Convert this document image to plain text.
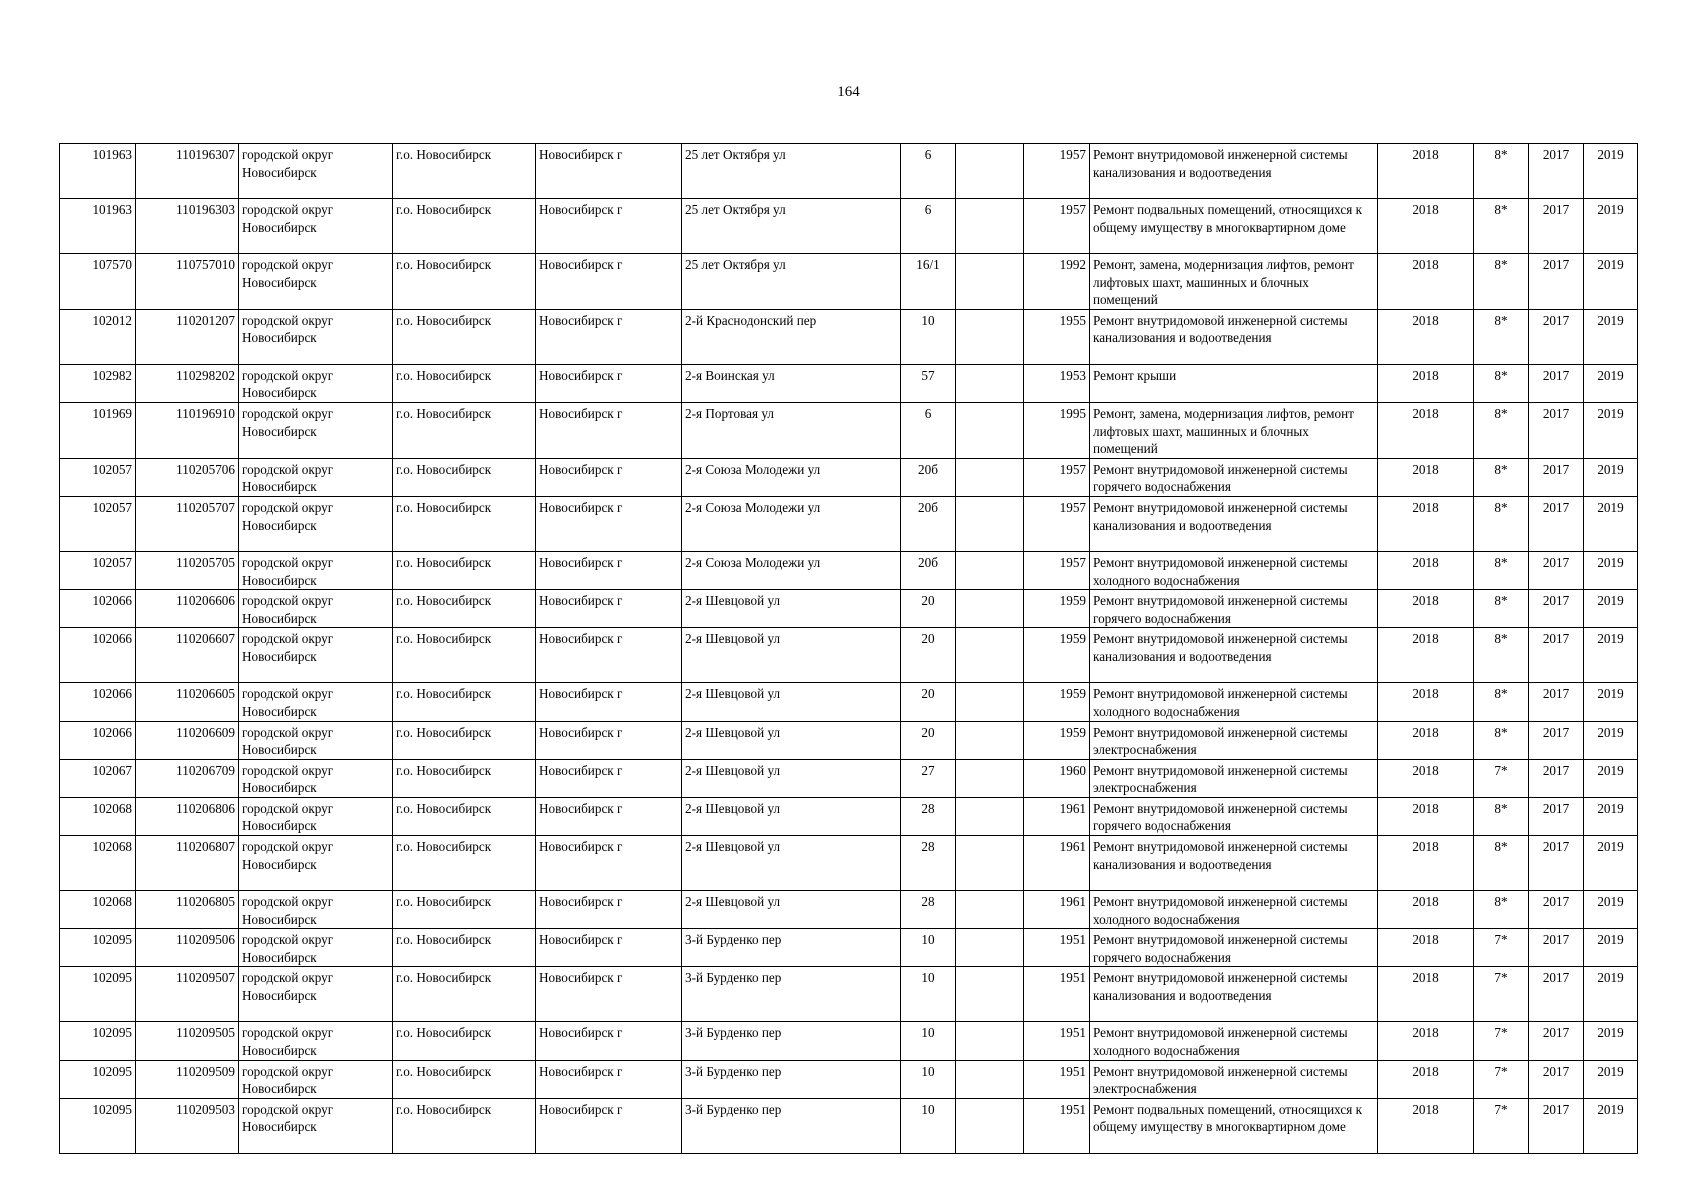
164
101963	110196307	городской округ Новосибирск	г.о. Новосибирск	Новосибирск г	25 лет Октября ул	6		1957	Ремонт внутридомовой инженерной системы канализования и водоотведения	2018	8*	2017	2019
101963	110196303	городской округ Новосибирск	г.о. Новосибирск	Новосибирск г	25 лет Октября ул	6		1957	Ремонт подвальных помещений, относящихся к общему имуществу в многоквартирном доме	2018	8*	2017	2019
107570	110757010	городской округ Новосибирск	г.о. Новосибирск	Новосибирск г	25 лет Октября ул	16/1		1992	Ремонт, замена, модернизация лифтов, ремонт лифтовых шахт, машинных и блочных помещений	2018	8*	2017	2019
102012	110201207	городской округ Новосибирск	г.о. Новосибирск	Новосибирск г	2-й Краснодонский пер	10		1955	Ремонт внутридомовой инженерной системы канализования и водоотведения	2018	8*	2017	2019
102982	110298202	городской округ Новосибирск	г.о. Новосибирск	Новосибирск г	2-я Воинская ул	57		1953	Ремонт крыши	2018	8*	2017	2019
101969	110196910	городской округ Новосибирск	г.о. Новосибирск	Новосибирск г	2-я Портовая ул	6		1995	Ремонт, замена, модернизация лифтов, ремонт лифтовых шахт, машинных и блочных помещений	2018	8*	2017	2019
102057	110205706	городской округ Новосибирск	г.о. Новосибирск	Новосибирск г	2-я Союза Молодежи ул	20б		1957	Ремонт внутридомовой инженерной системы горячего водоснабжения	2018	8*	2017	2019
102057	110205707	городской округ Новосибирск	г.о. Новосибирск	Новосибирск г	2-я Союза Молодежи ул	20б		1957	Ремонт внутридомовой инженерной системы канализования и водоотведения	2018	8*	2017	2019
102057	110205705	городской округ Новосибирск	г.о. Новосибирск	Новосибирск г	2-я Союза Молодежи ул	20б		1957	Ремонт внутридомовой инженерной системы холодного водоснабжения	2018	8*	2017	2019
102066	110206606	городской округ Новосибирск	г.о. Новосибирск	Новосибирск г	2-я Шевцовой ул	20		1959	Ремонт внутридомовой инженерной системы горячего водоснабжения	2018	8*	2017	2019
102066	110206607	городской округ Новосибирск	г.о. Новосибирск	Новосибирск г	2-я Шевцовой ул	20		1959	Ремонт внутридомовой инженерной системы канализования и водоотведения	2018	8*	2017	2019
102066	110206605	городской округ Новосибирск	г.о. Новосибирск	Новосибирск г	2-я Шевцовой ул	20		1959	Ремонт внутридомовой инженерной системы холодного водоснабжения	2018	8*	2017	2019
102066	110206609	городской округ Новосибирск	г.о. Новосибирск	Новосибирск г	2-я Шевцовой ул	20		1959	Ремонт внутридомовой инженерной системы электроснабжения	2018	8*	2017	2019
102067	110206709	городской округ Новосибирск	г.о. Новосибирск	Новосибирск г	2-я Шевцовой ул	27		1960	Ремонт внутридомовой инженерной системы электроснабжения	2018	7*	2017	2019
102068	110206806	городской округ Новосибирск	г.о. Новосибирск	Новосибирск г	2-я Шевцовой ул	28		1961	Ремонт внутридомовой инженерной системы горячего водоснабжения	2018	8*	2017	2019
102068	110206807	городской округ Новосибирск	г.о. Новосибирск	Новосибирск г	2-я Шевцовой ул	28		1961	Ремонт внутридомовой инженерной системы канализования и водоотведения	2018	8*	2017	2019
102068	110206805	городской округ Новосибирск	г.о. Новосибирск	Новосибирск г	2-я Шевцовой ул	28		1961	Ремонт внутридомовой инженерной системы холодного водоснабжения	2018	8*	2017	2019
102095	110209506	городской округ Новосибирск	г.о. Новосибирск	Новосибирск г	3-й Бурденко пер	10		1951	Ремонт внутридомовой инженерной системы горячего водоснабжения	2018	7*	2017	2019
102095	110209507	городской округ Новосибирск	г.о. Новосибирск	Новосибирск г	3-й Бурденко пер	10		1951	Ремонт внутридомовой инженерной системы канализования и водоотведения	2018	7*	2017	2019
102095	110209505	городской округ Новосибирск	г.о. Новосибирск	Новосибирск г	3-й Бурденко пер	10		1951	Ремонт внутридомовой инженерной системы холодного водоснабжения	2018	7*	2017	2019
102095	110209509	городской округ Новосибирск	г.о. Новосибирск	Новосибирск г	3-й Бурденко пер	10		1951	Ремонт внутридомовой инженерной системы электроснабжения	2018	7*	2017	2019
102095	110209503	городской округ Новосибирск	г.о. Новосибирск	Новосибирск г	3-й Бурденко пер	10		1951	Ремонт подвальных помещений, относящихся к общему имуществу в многоквартирном доме	2018	7*	2017	2019
